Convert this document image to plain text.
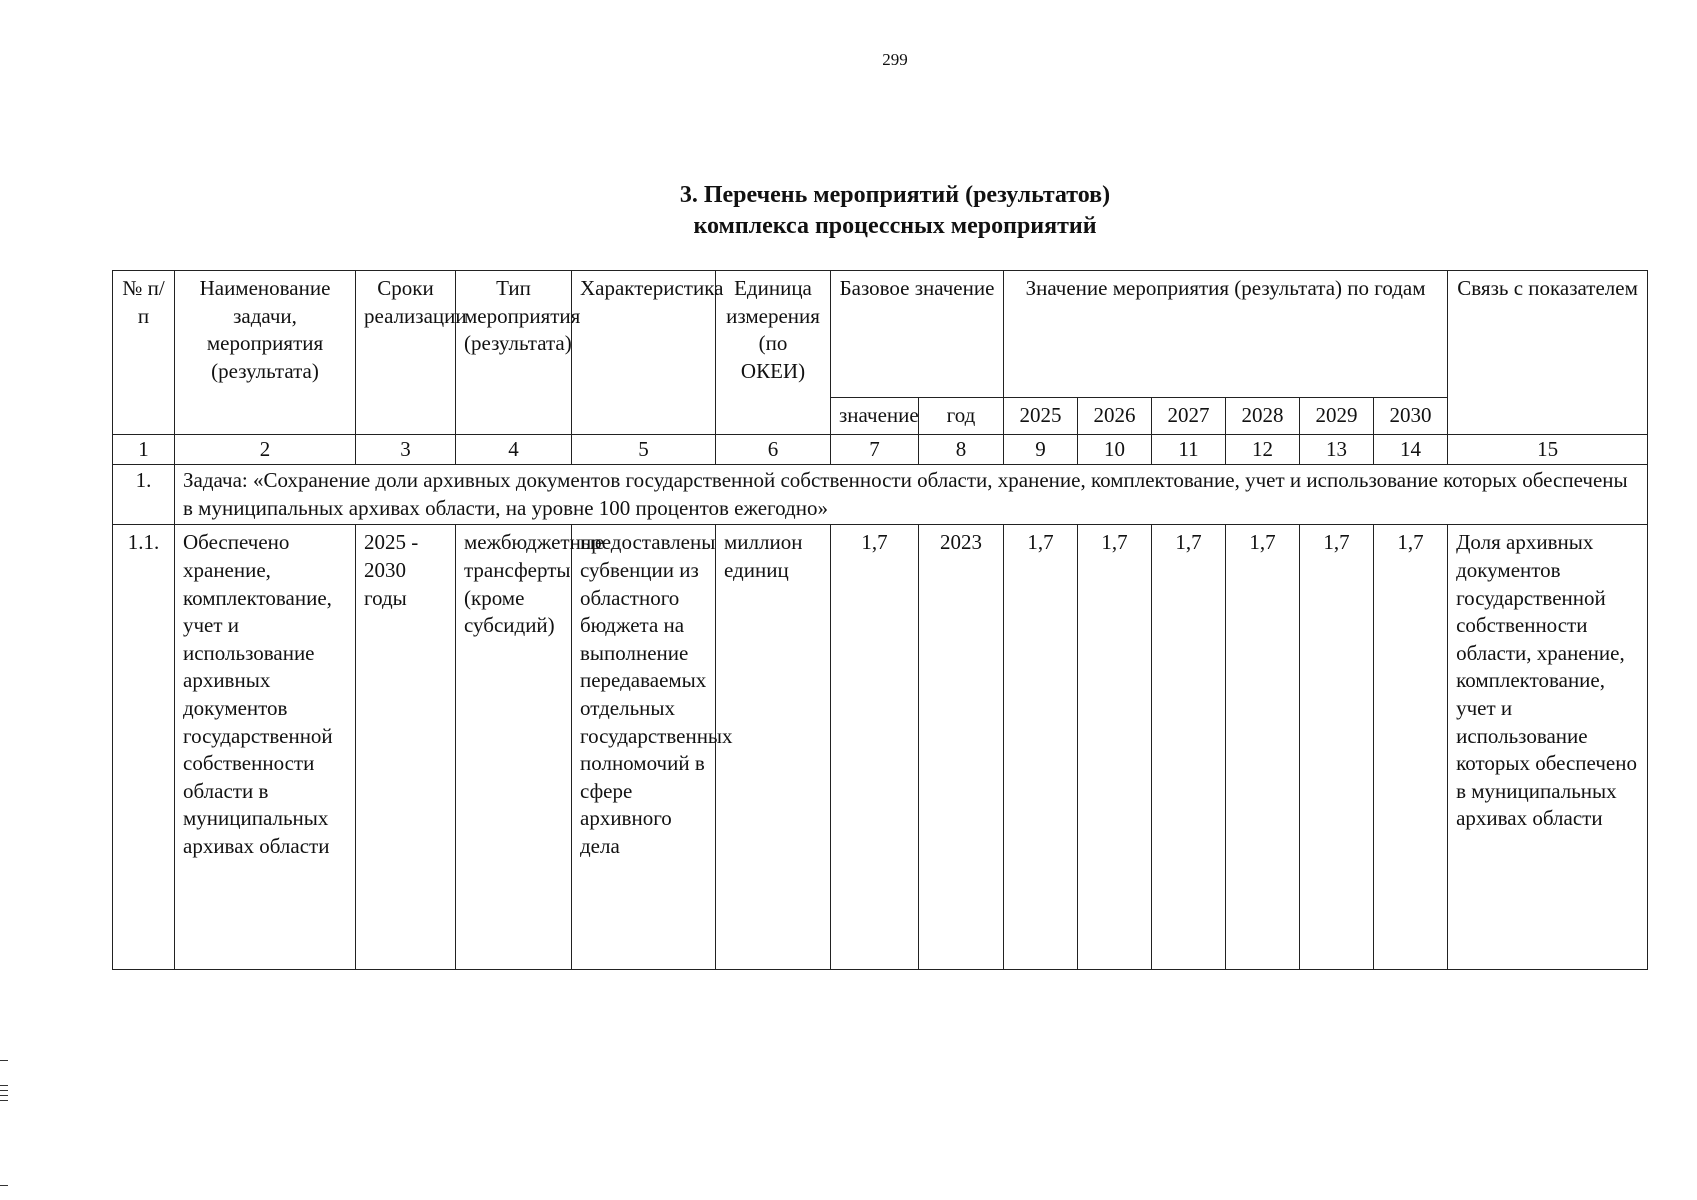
299
3. Перечень мероприятий (результатов)
комплекса процессных мероприятий
№ п/п	Наименование задачи, мероприятия (результата)	Сроки реализации	Тип мероприятия (результата)	Характеристика	Единица измерения (по ОКЕИ)	Базовое значение		Значение мероприятия (результата) по годам						Связь с показателем
						значение	год	2025	2026	2027	2028	2029	2030	
1	2	3	4	5	6	7	8	9	10	11	12	13	14	15
1.	Задача: «Сохранение доли архивных документов государственной собственности области, хранение, комплектование, учет и использование которых обеспечены в муниципальных архивах области, на уровне 100 процентов ежегодно»													
1.1.	Обеспечено хранение, комплектование, учет и использование архивных документов государственной собственности области в муниципальных архивах области	2025 - 2030 годы	межбюджетные трансферты (кроме субсидий)	предоставлены субвенции из областного бюджета на выполнение передаваемых отдельных государственных полномочий в сфере архивного дела	миллион единиц	1,7	2023	1,7	1,7	1,7	1,7	1,7	1,7	Доля архивных документов государственной собственности области, хранение, комплектование, учет и использование которых обеспечено в муниципальных архивах области
